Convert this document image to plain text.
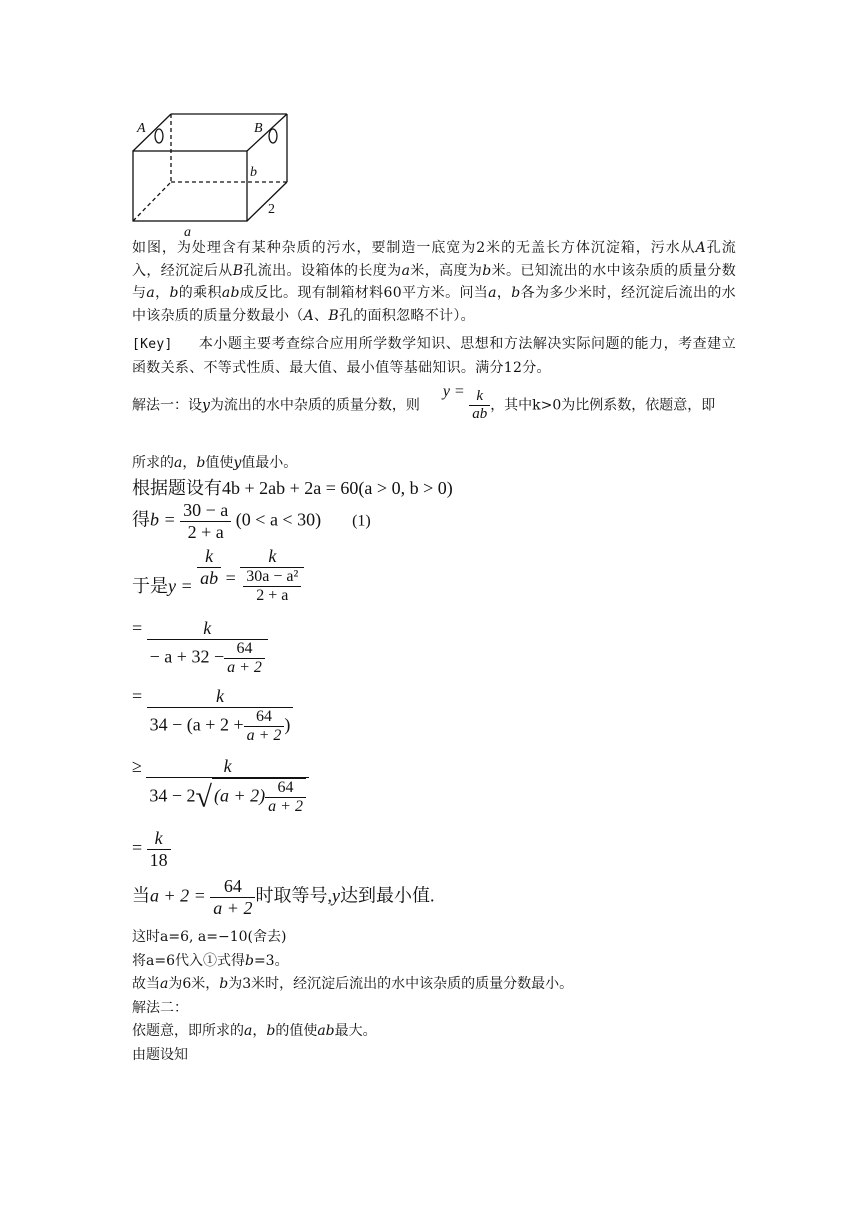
A	B
b
a
2
如图，为处理含有某种杂质的污水，要制造一底宽为2米的无盖长方体沉淀箱，污水从A孔流入，经沉淀后从B孔流出。设箱体的长度为a米，高度为b米。已知流出的水中该杂质的质量分数与a，b的乘积ab成反比。现有制箱材料60平方米。问当a，b各为多少米时，经沉淀后流出的水中该杂质的质量分数最小（A、B孔的面积忽略不计）。
[Key] 本小题主要考查综合应用所学数学知识、思想和方法解决实际问题的能力，考查建立函数关系、不等式性质、最大值、最小值等基础知识。满分12分。
解法一：设y为流出的水中杂质的质量分数，则  $y = \frac{k}{ab}$ ，其中k>0为比例系数，依题意，即
所求的a，b值使y值最小。
根据题设有4b + 2ab + 2a = 60(a > 0, b > 0)
得$b = \frac{30 - a}{2 + a} (0 < a < 30)$ (1)
于是$y = \frac{k}{ab} = \frac{k}{\frac{\text{30a − a²}}{2 + a}}$
= $\frac{k}{- a + 32 - \frac{64}{a + 2}}$
= $\frac{k}{34 - (a + 2 + \frac{64}{a + 2} )}$
≥ $\frac{k}{34 - 2√ (a + 2) \frac{64}{a + 2}}$
= $\frac{k}{18}$
当$a + 2 = \frac{64}{a + 2}$ 时取等号,y达到最小值.
这时a=6, a=−10(舍去)
将a=6代入①式得b=3。
故当a为6米，b为3米时，经沉淀后流出的水中该杂质的质量分数最小。
解法二：
依题意，即所求的a，b的值使ab最大。
由题设知
